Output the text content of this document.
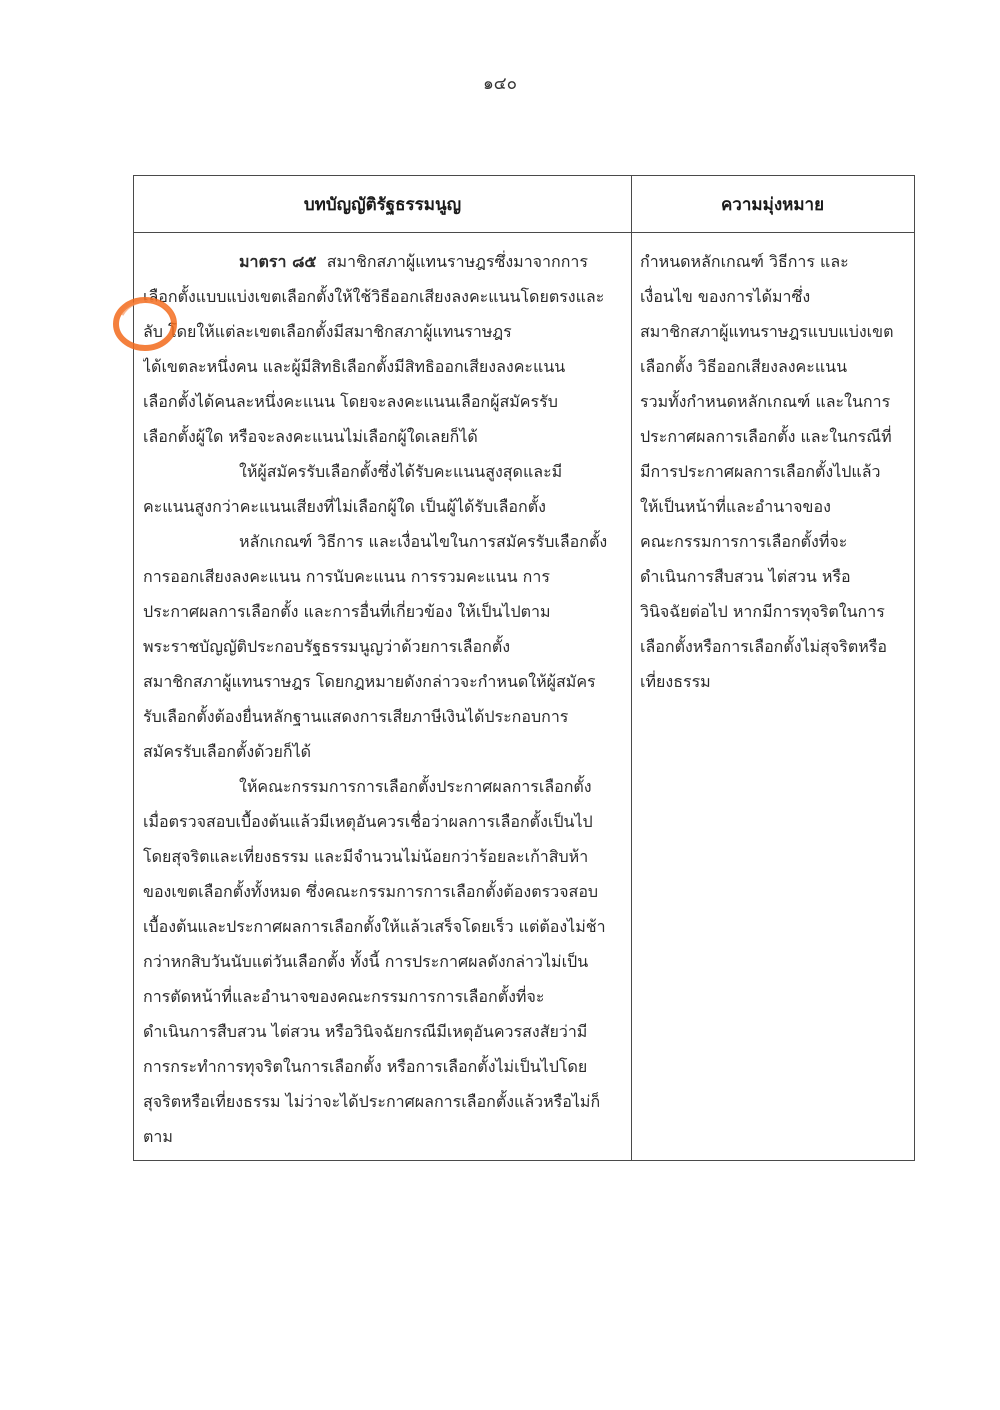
๑๔๐
บทบัญญัติรัฐธรรมนูญ	ความมุ่งหมาย
มาตรา ๘๕ สมาชิกสภาผู้แทนราษฎรซึ่งมาจากการ
เลือกตั้งแบบแบ่งเขตเลือกตั้งให้ใช้วิธีออกเสียงลงคะแนนโดยตรงและ
ลับ โดยให้แต่ละเขตเลือกตั้งมีสมาชิกสภาผู้แทนราษฎร
ได้เขตละหนึ่งคน และผู้มีสิทธิเลือกตั้งมีสิทธิออกเสียงลงคะแนน
เลือกตั้งได้คนละหนึ่งคะแนน โดยจะลงคะแนนเลือกผู้สมัครรับ
เลือกตั้งผู้ใด หรือจะลงคะแนนไม่เลือกผู้ใดเลยก็ได้
ให้ผู้สมัครรับเลือกตั้งซึ่งได้รับคะแนนสูงสุดและมี
คะแนนสูงกว่าคะแนนเสียงที่ไม่เลือกผู้ใด เป็นผู้ได้รับเลือกตั้ง
หลักเกณฑ์ วิธีการ และเงื่อนไขในการสมัครรับเลือกตั้ง
การออกเสียงลงคะแนน การนับคะแนน การรวมคะแนน การ
ประกาศผลการเลือกตั้ง และการอื่นที่เกี่ยวข้อง ให้เป็นไปตาม
พระราชบัญญัติประกอบรัฐธรรมนูญว่าด้วยการเลือกตั้ง
สมาชิกสภาผู้แทนราษฎร โดยกฎหมายดังกล่าวจะกำหนดให้ผู้สมัคร
รับเลือกตั้งต้องยื่นหลักฐานแสดงการเสียภาษีเงินได้ประกอบการ
สมัครรับเลือกตั้งด้วยก็ได้
ให้คณะกรรมการการเลือกตั้งประกาศผลการเลือกตั้ง
เมื่อตรวจสอบเบื้องต้นแล้วมีเหตุอันควรเชื่อว่าผลการเลือกตั้งเป็นไป
โดยสุจริตและเที่ยงธรรม และมีจำนวนไม่น้อยกว่าร้อยละเก้าสิบห้า
ของเขตเลือกตั้งทั้งหมด ซึ่งคณะกรรมการการเลือกตั้งต้องตรวจสอบ
เบื้องต้นและประกาศผลการเลือกตั้งให้แล้วเสร็จโดยเร็ว แต่ต้องไม่ช้า
กว่าหกสิบวันนับแต่วันเลือกตั้ง ทั้งนี้ การประกาศผลดังกล่าวไม่เป็น
การตัดหน้าที่และอำนาจของคณะกรรมการการเลือกตั้งที่จะ
ดำเนินการสืบสวน ไต่สวน หรือวินิจฉัยกรณีมีเหตุอันควรสงสัยว่ามี
การกระทำการทุจริตในการเลือกตั้ง หรือการเลือกตั้งไม่เป็นไปโดย
สุจริตหรือเที่ยงธรรม ไม่ว่าจะได้ประกาศผลการเลือกตั้งแล้วหรือไม่ก็
ตาม
กำหนดหลักเกณฑ์ วิธีการ และ
เงื่อนไข ของการได้มาซึ่ง
สมาชิกสภาผู้แทนราษฎรแบบแบ่งเขต
เลือกตั้ง วิธีออกเสียงลงคะแนน
รวมทั้งกำหนดหลักเกณฑ์ และในการ
ประกาศผลการเลือกตั้ง และในกรณีที่
มีการประกาศผลการเลือกตั้งไปแล้ว
ให้เป็นหน้าที่และอำนาจของ
คณะกรรมการการเลือกตั้งที่จะ
ดำเนินการสืบสวน ไต่สวน หรือ
วินิจฉัยต่อไป หากมีการทุจริตในการ
เลือกตั้งหรือการเลือกตั้งไม่สุจริตหรือ
เที่ยงธรรม
